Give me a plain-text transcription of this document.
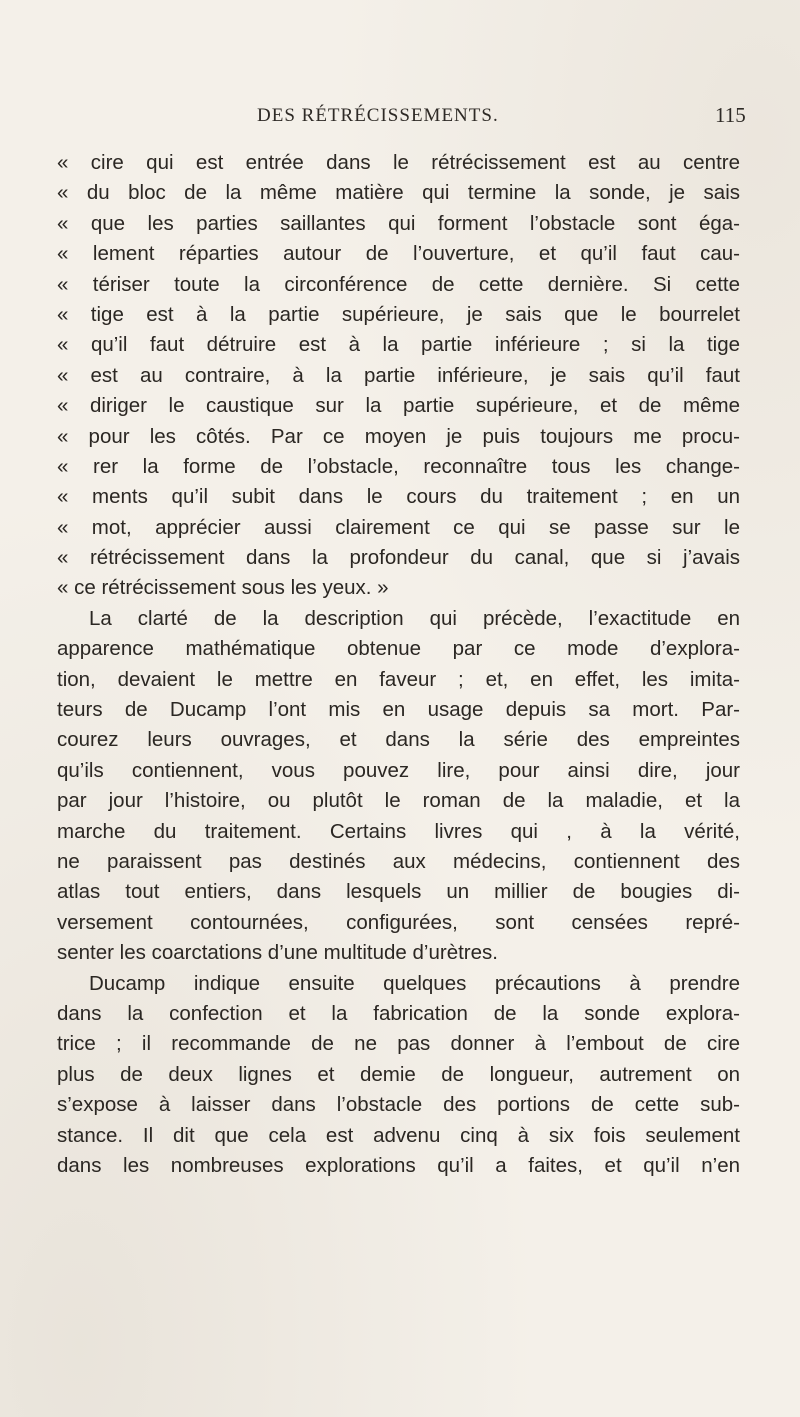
DES RÉTRÉCISSEMENTS.	115
« cire qui est entrée dans le rétrécissement est au centre
« du bloc de la même matière qui termine la sonde, je sais
« que les parties saillantes qui forment l’obstacle sont éga-
« lement réparties autour de l’ouverture, et qu’il faut cau-
« tériser toute la circonférence de cette dernière. Si cette
« tige est à la partie supérieure, je sais que le bourrelet
« qu’il faut détruire est à la partie inférieure ; si la tige
« est au contraire, à la partie inférieure, je sais qu’il faut
« diriger le caustique sur la partie supérieure, et de même
« pour les côtés. Par ce moyen je puis toujours me procu-
« rer la forme de l’obstacle, reconnaître tous les change-
« ments qu’il subit dans le cours du traitement ; en un
« mot, apprécier aussi clairement ce qui se passe sur le
« rétrécissement dans la profondeur du canal, que si j’avais
« ce rétrécissement sous les yeux. »
La clarté de la description qui précède, l’exactitude en
apparence mathématique obtenue par ce mode d’explora-
tion, devaient le mettre en faveur ; et, en effet, les imita-
teurs de Ducamp l’ont mis en usage depuis sa mort. Par-
courez leurs ouvrages, et dans la série des empreintes
qu’ils contiennent, vous pouvez lire, pour ainsi dire, jour
par jour l’histoire, ou plutôt le roman de la maladie, et la
marche du traitement. Certains livres qui , à la vérité,
ne paraissent pas destinés aux médecins, contiennent des
atlas tout entiers, dans lesquels un millier de bougies di-
versement contournées, configurées, sont censées repré-
senter les coarctations d’une multitude d’urètres.
Ducamp indique ensuite quelques précautions à prendre
dans la confection et la fabrication de la sonde explora-
trice ; il recommande de ne pas donner à l’embout de cire
plus de deux lignes et demie de longueur, autrement on
s’expose à laisser dans l’obstacle des portions de cette sub-
stance. Il dit que cela est advenu cinq à six fois seulement
dans les nombreuses explorations qu’il a faites, et qu’il n’en
